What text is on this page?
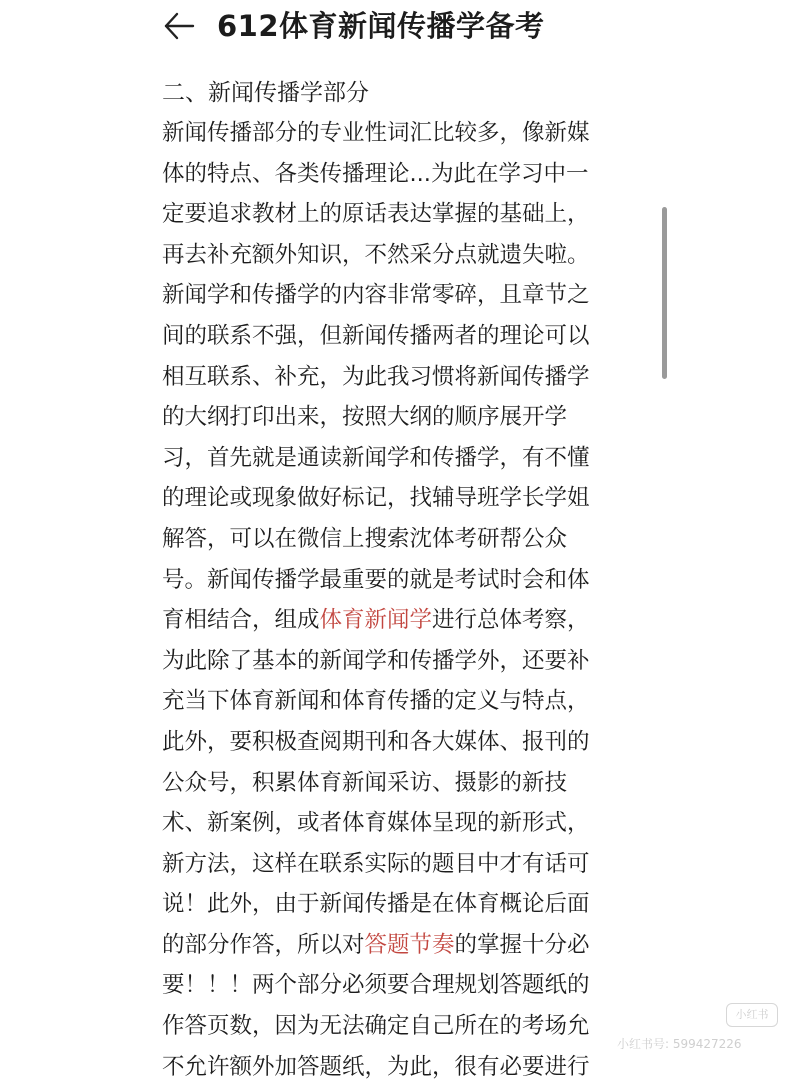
612体育新闻传播学备考
二、新闻传播学部分
新闻传播部分的专业性词汇比较多，像新媒
体的特点、各类传播理论...为此在学习中一
定要追求教材上的原话表达掌握的基础上，
再去补充额外知识，不然采分点就遗失啦。
新闻学和传播学的内容非常零碎，且章节之
间的联系不强，但新闻传播两者的理论可以
相互联系、补充，为此我习惯将新闻传播学
的大纲打印出来，按照大纲的顺序展开学
习，首先就是通读新闻学和传播学，有不懂
的理论或现象做好标记，找辅导班学长学姐
解答，可以在微信上搜索沈体考研帮公众
号。新闻传播学最重要的就是考试时会和体
育相结合，组成体育新闻学进行总体考察，
为此除了基本的新闻学和传播学外，还要补
充当下体育新闻和体育传播的定义与特点，
此外，要积极查阅期刊和各大媒体、报刊的
公众号，积累体育新闻采访、摄影的新技
术、新案例，或者体育媒体呈现的新形式，
新方法，这样在联系实际的题目中才有话可
说！此外，由于新闻传播是在体育概论后面
的部分作答，所以对答题节奏的掌握十分必
要！！！两个部分必须要合理规划答题纸的
作答页数，因为无法确定自己所在的考场允
不允许额外加答题纸，为此，很有必要进行
小红书
小红书号: 599427226
